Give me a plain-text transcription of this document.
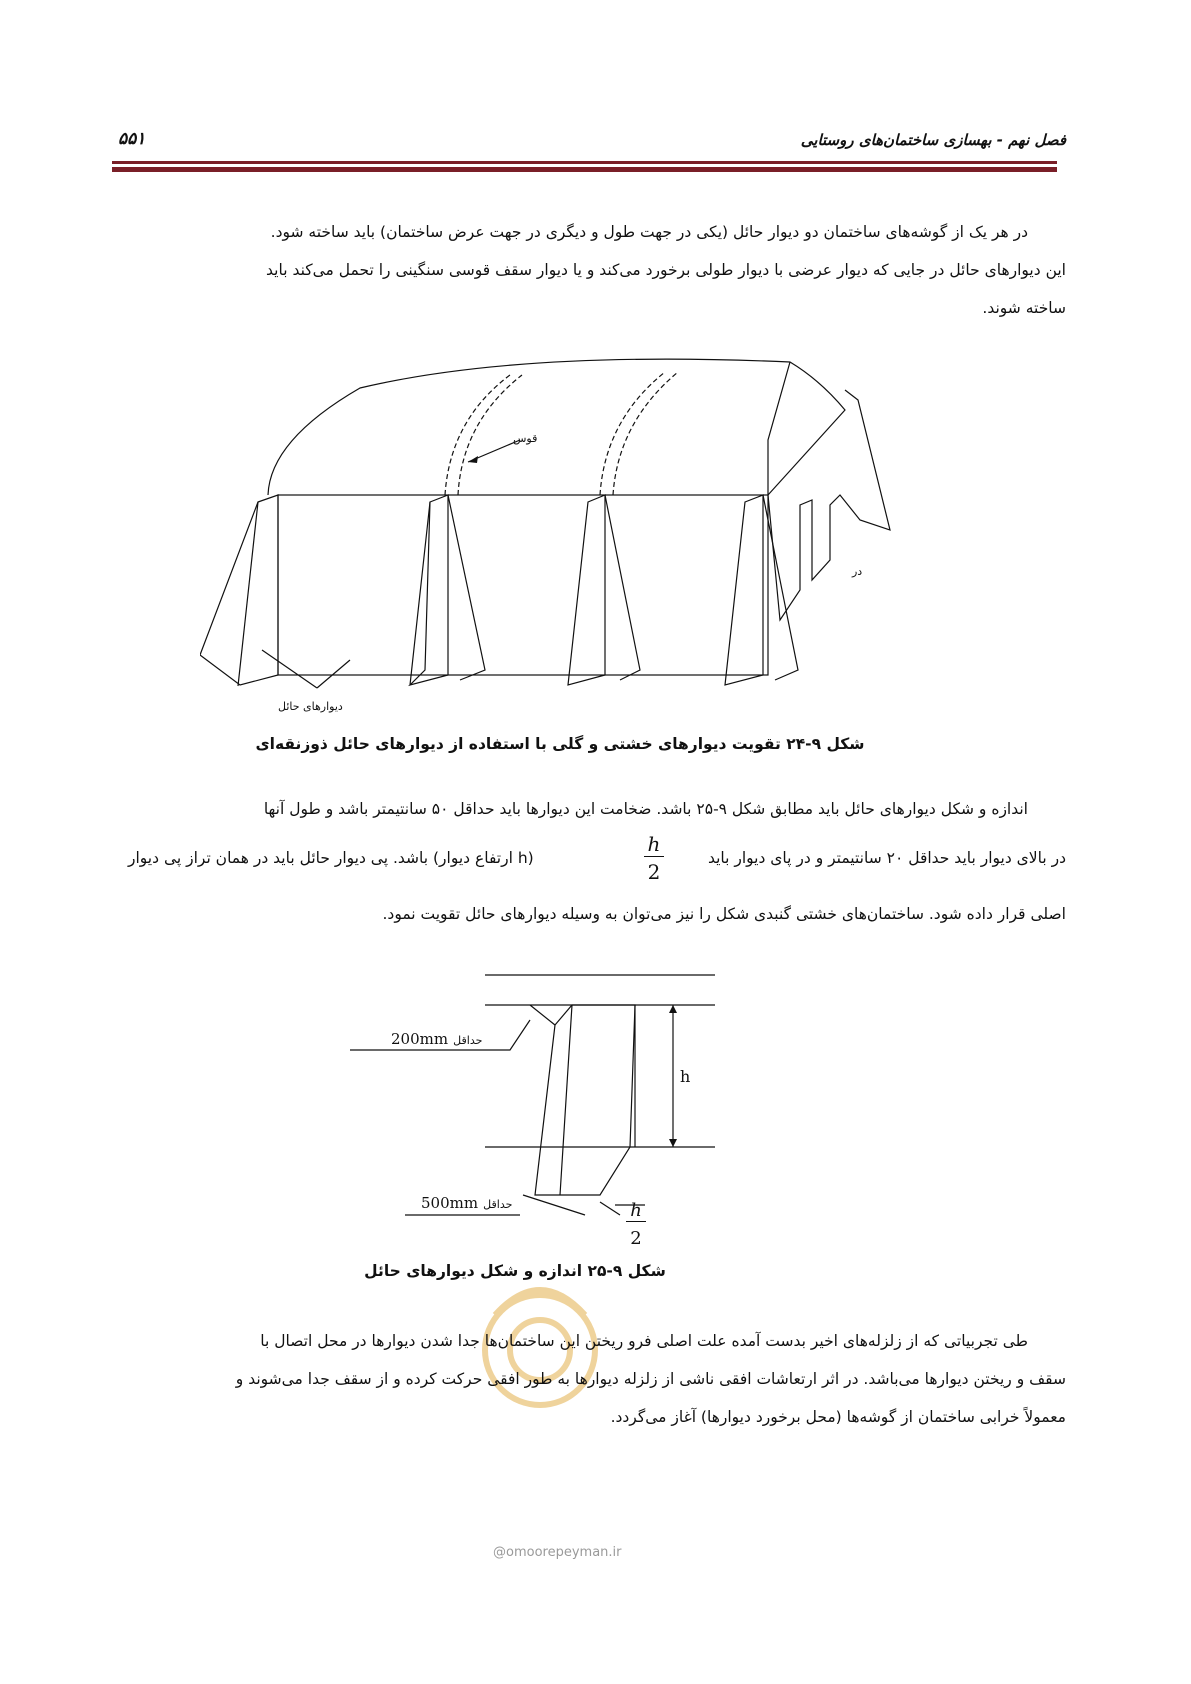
فصل نهم - بهسازی ساختمان‌های روستایی
۵۵۱
در هر یک از گوشه‌های ساختمان دو دیوار حائل (یکی در جهت طول و دیگری در جهت عرض ساختمان) باید ساخته شود.
این دیوارهای حائل در جایی که دیوار عرضی با دیوار طولی برخورد می‌کند و یا دیوار سقف قوسی سنگینی را تحمل می‌کند باید
ساخته شوند.
قوس
در
دیوارهای حائل
شکل ۹-۲۴ تقویت دیوارهای خشتی و گلی با استفاده از دیوارهای حائل ذوزنقه‌ای
اندازه و شکل دیوارهای حائل باید مطابق شکل ۹-۲۵ باشد. ضخامت این دیوارها باید حداقل ۵۰ سانتیمتر باشد و طول آنها
در بالای دیوار باید حداقل ۲۰ سانتیمتر و در پای دیوار باید
h
2
(h ارتفاع دیوار) باشد. پی دیوار حائل باید در همان تراز پی دیوار
اصلی قرار داده شود. ساختمان‌های خشتی گنبدی شکل را نیز می‌توان به وسیله دیوارهای حائل تقویت نمود.
200mm حداقل
h
500mm حداقل	h
2
شکل ۹-۲۵ اندازه و شکل دیوارهای حائل
طی تجربیاتی که از زلزله‌های اخیر بدست آمده علت اصلی فرو ریختن این ساختمان‌ها جدا شدن دیوارها در محل اتصال با
سقف و ریختن دیوارها می‌باشد. در اثر ارتعاشات افقی ناشی از زلزله دیوارها به طور افقی حرکت کرده و از سقف جدا می‌شوند و
معمولاً خرابی ساختمان از گوشه‌ها (محل برخورد دیوارها) آغاز می‌گردد.
@omoorepeyman.ir
